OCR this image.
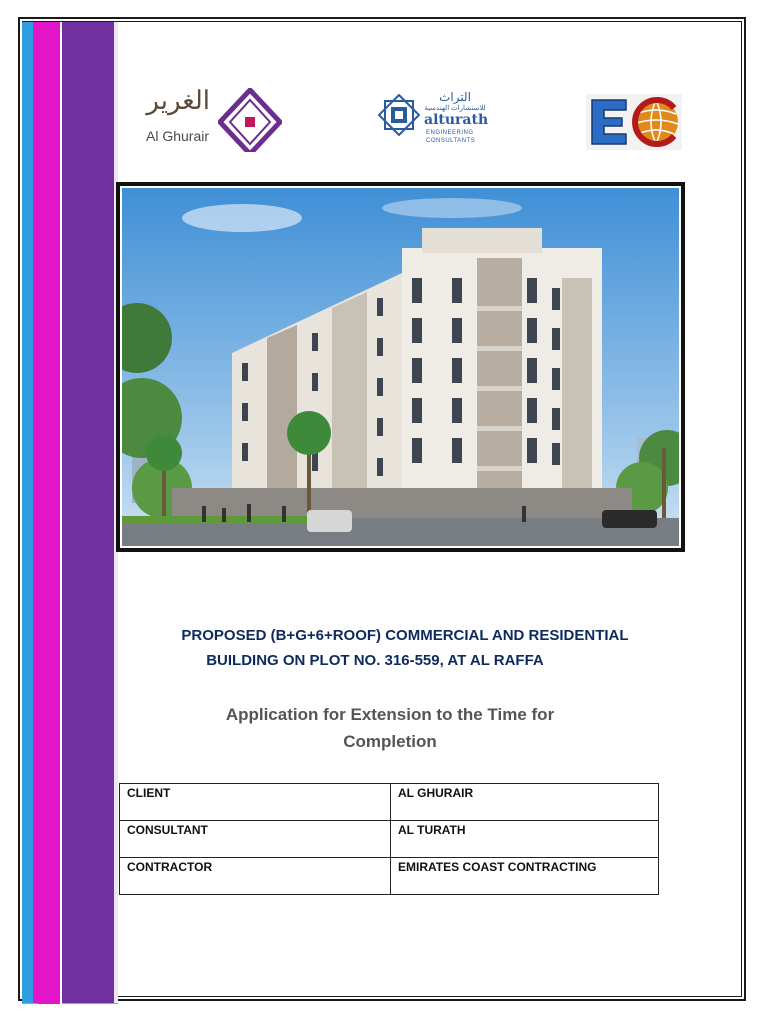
الغرير
Al Ghurair
التراث
للاستشارات الهندسية
alturath
ENGINEERING
CONSULTANTS
PROPOSED (B+G+6+ROOF) COMMERCIAL AND RESIDENTIAL
BUILDING ON PLOT NO. 316-559, AT AL RAFFA
Application for Extension to the Time for
Completion
CLIENT	AL GHURAIR
CONSULTANT	AL TURATH
CONTRACTOR	EMIRATES COAST CONTRACTING
